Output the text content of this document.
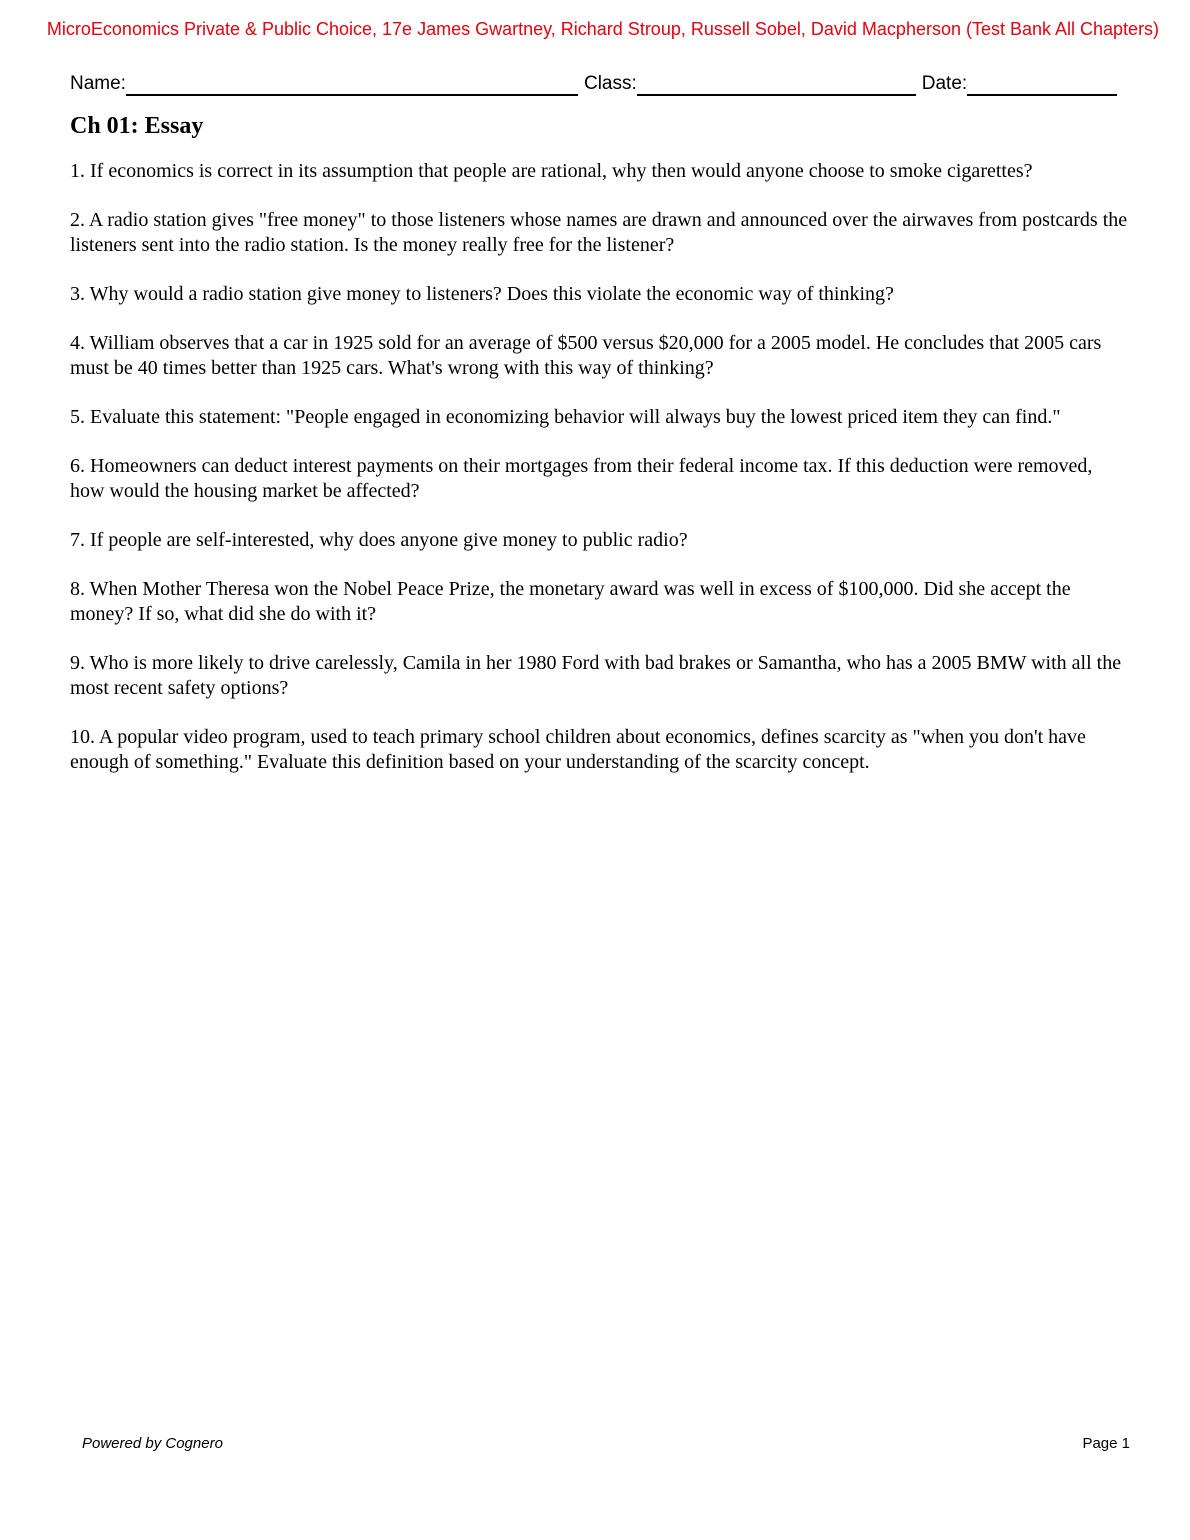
MicroEconomics Private & Public Choice, 17e James Gwartney, Richard Stroup, Russell Sobel, David Macpherson (Test Bank All Chapters)
Name:	Class:	Date:
Ch 01: Essay
1. If economics is correct in its assumption that people are rational, why then would anyone choose to smoke cigarettes?
2. A radio station gives "free money" to those listeners whose names are drawn and announced over the airwaves from postcards the listeners sent into the radio station. Is the money really free for the listener?
3. Why would a radio station give money to listeners? Does this violate the economic way of thinking?
4. William observes that a car in 1925 sold for an average of $500 versus $20,000 for a 2005 model. He concludes that 2005 cars must be 40 times better than 1925 cars. What's wrong with this way of thinking?
5. Evaluate this statement: "People engaged in economizing behavior will always buy the lowest priced item they can find."
6. Homeowners can deduct interest payments on their mortgages from their federal income tax. If this deduction were removed, how would the housing market be affected?
7. If people are self-interested, why does anyone give money to public radio?
8. When Mother Theresa won the Nobel Peace Prize, the monetary award was well in excess of $100,000. Did she accept the money? If so, what did she do with it?
9. Who is more likely to drive carelessly, Camila in her 1980 Ford with bad brakes or Samantha, who has a 2005 BMW with all the most recent safety options?
10. A popular video program, used to teach primary school children about economics, defines scarcity as "when you don't have enough of something." Evaluate this definition based on your understanding of the scarcity concept.
Powered by Cognero	Page 1
